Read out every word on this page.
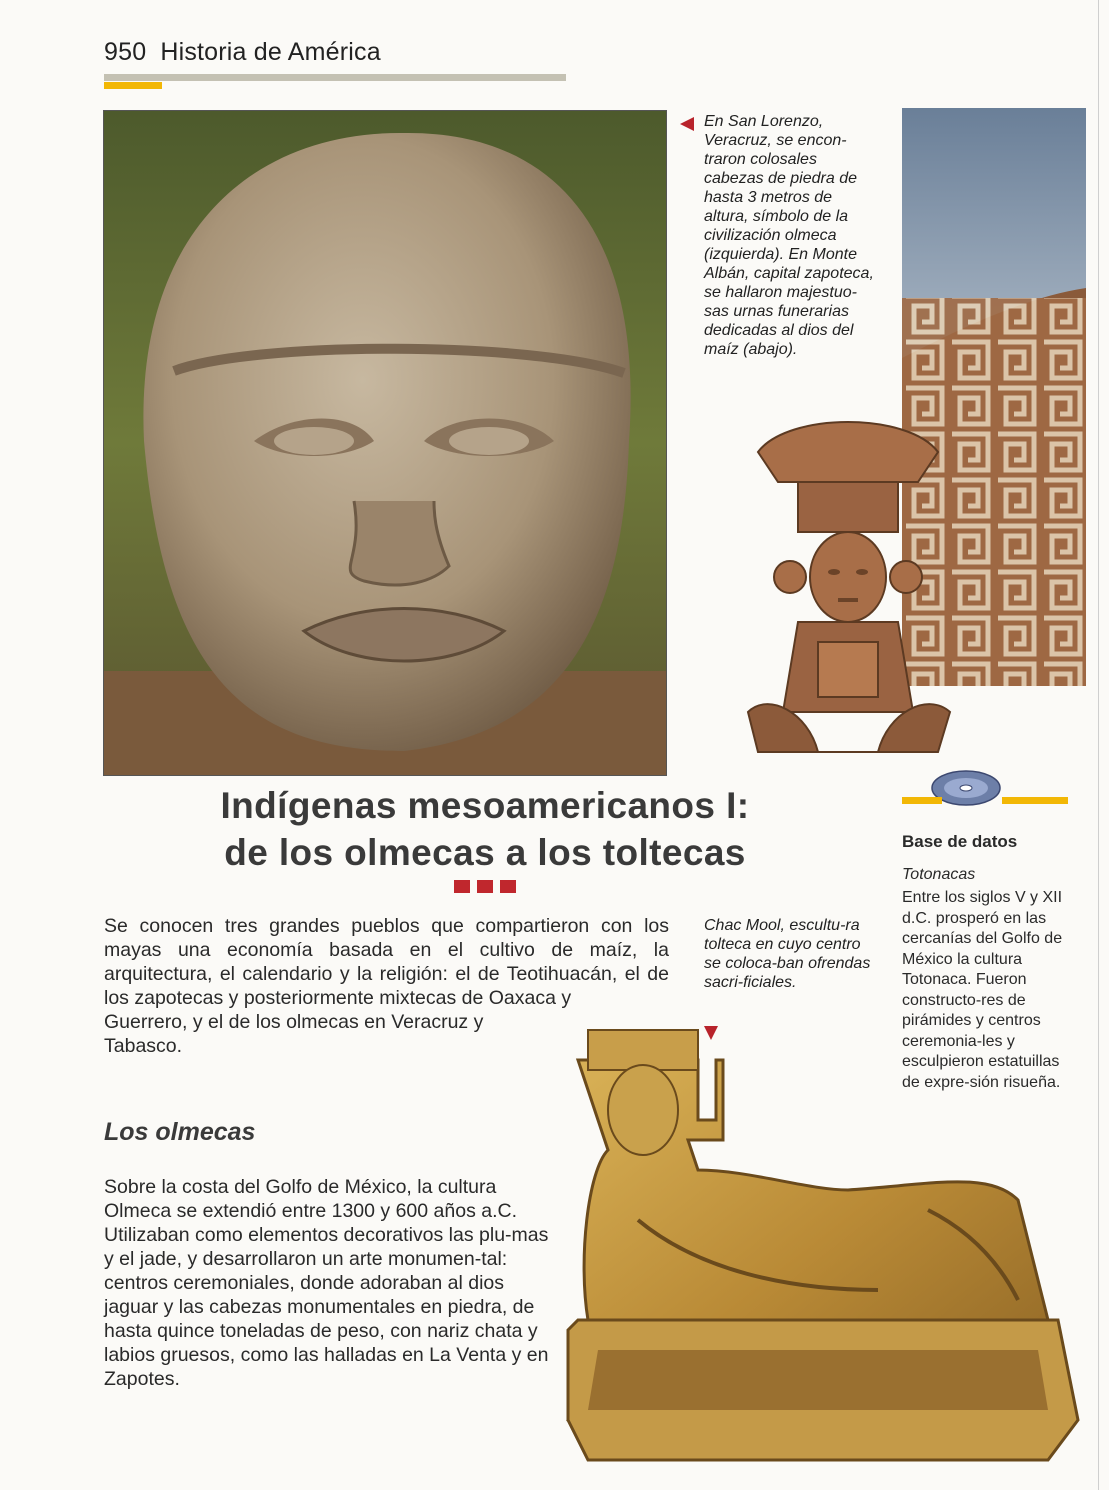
950 Historia de América
En San Lorenzo, Veracruz, se encon-traron colosales cabezas de piedra de hasta 3 metros de altura, símbolo de la civilización olmeca (izquierda). En Monte Albán, capital zapoteca, se hallaron majestuo-sas urnas funerarias dedicadas al dios del maíz (abajo).
Indígenas mesoamericanos I:
de los olmecas a los toltecas
Se conocen tres grandes pueblos que compartieron con los mayas una economía basada en el cultivo de maíz, la arquitectura, el calendario y la religión: el de Teotihuacán, el de los zapotecas y posteriormente mixtecas de Oaxaca y
Guerrero, y el de los olmecas en Veracruz y Tabasco.
Los olmecas
Sobre la costa del Golfo de México, la cultura Olmeca se extendió entre 1300 y 600 años a.C. Utilizaban como elementos decorativos las plu-mas y el jade, y desarrollaron un arte monumen-tal: centros ceremoniales, donde adoraban al dios jaguar y las cabezas monumentales en piedra, de hasta quince toneladas de peso, con nariz chata y labios gruesos, como las halladas en La Venta y en Zapotes.
Chac Mool, escultu-ra tolteca en cuyo centro se coloca-ban ofrendas sacri-ficiales.
Base de datos
Totonacas
Entre los siglos V y XII d.C. prosperó en las cercanías del Golfo de México la cultura Totonaca. Fueron constructo-res de pirámides y centros ceremonia-les y esculpieron estatuillas de expre-sión risueña.
